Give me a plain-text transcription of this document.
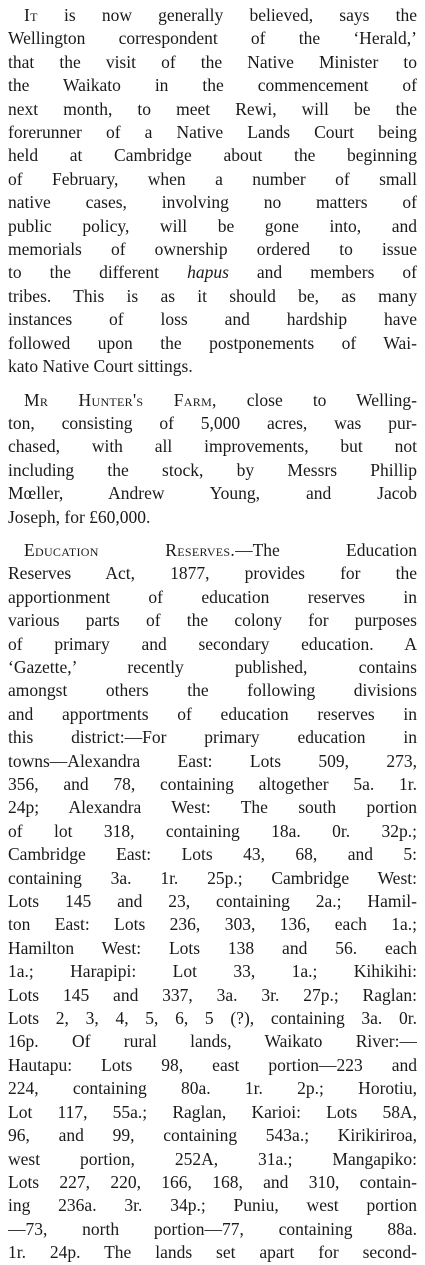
It is now generally believed, says the
Wellington correspondent of the ‘Herald,’
that the visit of the Native Minister to
the Waikato in the commencement of
next month, to meet Rewi, will be the
forerunner of a Native Lands Court being
held at Cambridge about the beginning
of February, when a number of small
native cases, involving no matters of
public policy, will be gone into, and
memorials of ownership ordered to issue
to the different hapus and members of
tribes. This is as it should be, as many
instances of loss and hardship have
followed upon the postponements of Wai-
kato Native Court sittings.

Mr Hunter's Farm, close to Welling-
ton, consisting of 5,000 acres, was pur-
chased, with all improvements, but not
including the stock, by Messrs Phillip
Mœller, Andrew Young, and Jacob
Joseph, for £60,000.

Education Reserves.—The Education
Reserves Act, 1877, provides for the
apportionment of education reserves in
various parts of the colony for purposes
of primary and secondary education. A
‘Gazette,’ recently published, contains
amongst others the following divisions
and apportments of education reserves in
this district:—For primary education in
towns—Alexandra East: Lots 509, 273,
356, and 78, containing altogether 5a. 1r.
24p; Alexandra West: The south portion
of lot 318, containing 18a. 0r. 32p.;
Cambridge East: Lots 43, 68, and 5:
containing 3a. 1r. 25p.; Cambridge West:
Lots 145 and 23, containing 2a.; Hamil-
ton East: Lots 236, 303, 136, each 1a.;
Hamilton West: Lots 138 and 56. each
1a.; Harapipi: Lot 33, 1a.; Kihikihi:
Lots 145 and 337, 3a. 3r. 27p.; Raglan:
Lots 2, 3, 4, 5, 6, 5 (?), containing 3a. 0r.
16p. Of rural lands, Waikato River:—
Hautapu: Lots 98, east portion—223 and
224, containing 80a. 1r. 2p.; Horotiu,
Lot 117, 55a.; Raglan, Karioi: Lots 58A,
96, and 99, containing 543a.; Kirikiriroa,
west portion, 252A, 31a.; Mangapiko:
Lots 227, 220, 166, 168, and 310, contain-
ing 236a. 3r. 34p.; Puniu, west portion
—73, north portion—77, containing 88a.
1r. 24p. The lands set apart for second-
